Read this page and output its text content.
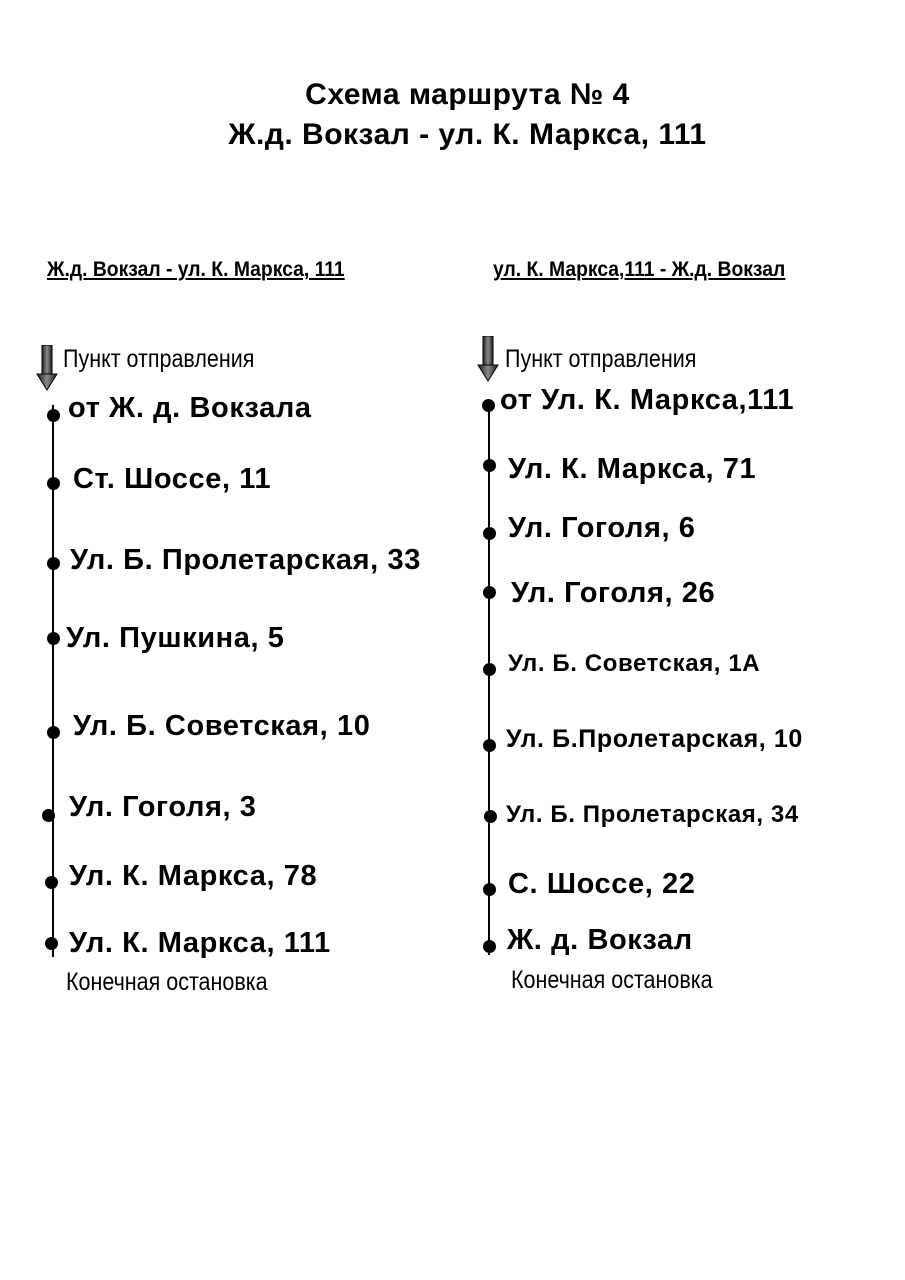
Схема маршрута № 4
Ж.д. Вокзал - ул. К. Маркса, 111
Ж.д. Вокзал - ул. К. Маркса, 111	ул. К. Маркса,111 - Ж.д. Вокзал
Пункт отправления	Пункт отправления
от Ж. д. Вокзала
Ст. Шоссе, 11
Ул. Б. Пролетарская, 33
Ул. Пушкина, 5
Ул. Б. Советская, 10
Ул. Гоголя, 3
Ул. К. Маркса, 78
Ул. К. Маркса, 111
Конечная остановка
от Ул. К. Маркса,111
Ул. К. Маркса, 71
Ул. Гоголя, 6
Ул. Гоголя, 26
Ул. Б. Советская, 1А
Ул. Б.Пролетарская, 10
Ул. Б. Пролетарская, 34
С. Шоссе, 22
Ж. д. Вокзал
Конечная остановка
